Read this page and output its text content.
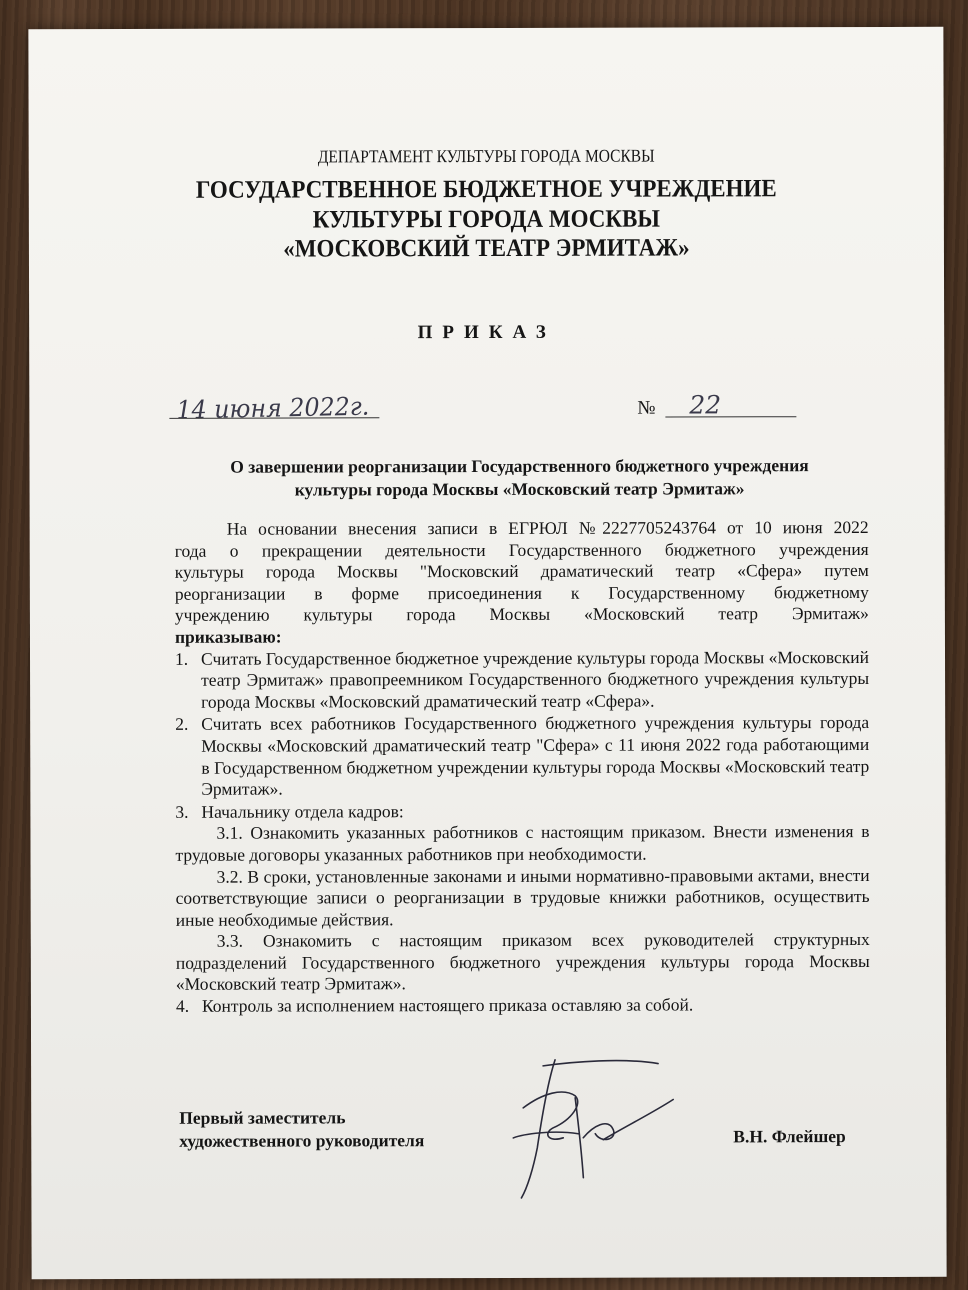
ДЕПАРТАМЕНТ КУЛЬТУРЫ ГОРОДА МОСКВЫ
ГОСУДАРСТВЕННОЕ БЮДЖЕТНОЕ УЧРЕЖДЕНИЕ
КУЛЬТУРЫ ГОРОДА МОСКВЫ
«МОСКОВСКИЙ ТЕАТР ЭРМИТАЖ»
ПРИКАЗ
14 июня 2022г.	№ 22
О завершении реорганизации Государственного бюджетного учреждения
культуры города Москвы «Московский театр Эрмитаж»
На основании внесения записи в ЕГРЮЛ №2227705243764 от 10 июня 2022
года о прекращении деятельности Государственного бюджетного учреждения
культуры города Москвы "Московский драматический театр «Сфера» путем
реорганизации в форме присоединения к Государственному бюджетному
учреждению культуры города Москвы «Московский театр Эрмитаж»
приказываю:
1. Считать Государственное бюджетное учреждение культуры города Москвы «Московский театр Эрмитаж» правопреемником Государственного бюджетного учреждения культуры города Москвы «Московский драматический театр «Сфера».
2. Считать всех работников Государственного бюджетного учреждения культуры города Москвы «Московский драматический театр "Сфера» с 11 июня 2022 года работающими в Государственном бюджетном учреждении культуры города Москвы «Московский театр Эрмитаж».
3. Начальнику отдела кадров:
3.1. Ознакомить указанных работников с настоящим приказом. Внести изменения в трудовые договоры указанных работников при необходимости.
3.2. В сроки, установленные законами и иными нормативно-правовыми актами, внести соответствующие записи о реорганизации в трудовые книжки работников, осуществить иные необходимые действия.
3.3. Ознакомить с настоящим приказом всех руководителей структурных подразделений Государственного бюджетного учреждения культуры города Москвы «Московский театр Эрмитаж».
4. Контроль за исполнением настоящего приказа оставляю за собой.
Первый заместитель
художественного руководителя	В.Н. Флейшер
